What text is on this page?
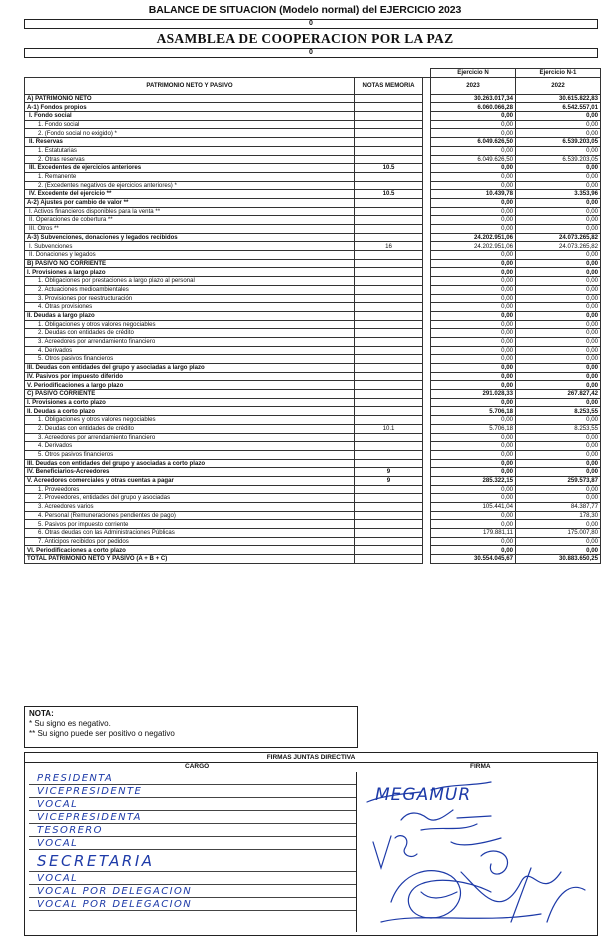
BALANCE DE SITUACION (Modelo normal) del EJERCICIO 2023
0
ASAMBLEA DE COOPERACION POR LA PAZ
0
			Ejercicio N	Ejercicio N-1
PATRIMONIO NETO Y PASIVO	NOTAS MEMORIA		2023	2022

A) PATRIMONIO NETO			30.263.017,34	30.615.822,83
A-1) Fondos propios			6.060.066,28	6.542.557,01
I. Fondo social			0,00	0,00
1. Fondo social			0,00	0,00
2. (Fondo social no exigido) *			0,00	0,00
II. Reservas			6.049.626,50	6.539.203,05
1. Estatutarias			0,00	0,00
2. Otras reservas			6.049.626,50	6.539.203,05
III. Excedentes de ejercicios anteriores	10.5		0,00	0,00
1. Remanente			0,00	0,00
2. (Excedentes negativos de ejercicios anteriores) *			0,00	0,00
IV. Excedente del ejercicio **	10.5		10.439,78	3.353,96
A-2) Ajustes por cambio de valor **			0,00	0,00
I. Activos financieros disponibles para la venta **			0,00	0,00
II. Operaciones de cobertura **			0,00	0,00
III. Otros **			0,00	0,00
A-3) Subvenciones, donaciones y legados recibidos			24.202.951,06	24.073.265,82
I. Subvenciones	16		24.202.951,06	24.073.265,82
II. Donaciones y legados			0,00	0,00
B) PASIVO NO CORRIENTE			0,00	0,00
I. Provisiones a largo plazo			0,00	0,00
1. Obligaciones por prestaciones a largo plazo al personal			0,00	0,00
2. Actuaciones medioambientales			0,00	0,00
3. Provisiones por reestructuración			0,00	0,00
4. Otras provisiones			0,00	0,00
II. Deudas a largo plazo			0,00	0,00
1. Obligaciones y otros valores negociables			0,00	0,00
2. Deudas con entidades de crédito			0,00	0,00
3. Acreedores por arrendamiento financiero			0,00	0,00
4. Derivados			0,00	0,00
5. Otros pasivos financieros			0,00	0,00
III. Deudas con entidades del grupo y asociadas a largo plazo			0,00	0,00
IV. Pasivos por impuesto diferido			0,00	0,00
V. Periodificaciones a largo plazo			0,00	0,00
C) PASIVO CORRIENTE			291.028,33	267.827,42
I. Provisiones a corto plazo			0,00	0,00
II. Deudas a corto plazo			5.706,18	8.253,55
1. Obligaciones y otros valores negociables			0,00	0,00
2. Deudas con entidades de crédito	10.1		5.706,18	8.253,55
3. Acreedores por arrendamiento financiero			0,00	0,00
4. Derivados			0,00	0,00
5. Otros pasivos financieros			0,00	0,00
III. Deudas con entidades del grupo y asociadas a corto plazo			0,00	0,00
IV. Beneficiarios-Acreedores	9		0,00	0,00
V. Acreedores comerciales y otras cuentas a pagar	9		285.322,15	259.573,87
1. Proveedores			0,00	0,00
2. Proveedores, entidades del grupo y asociadas			0,00	0,00
3. Acreedores varios			105.441,04	84.387,77
4. Personal (Remuneraciones pendientes de pago)			0,00	178,30
5. Pasivos por impuesto corriente			0,00	0,00
6. Otras deudas con las Administraciones Públicas			179.881,11	175.007,80
7. Anticipos recibidos por pedidos			0,00	0,00
VI. Periodificaciones a corto plazo			0,00	0,00
TOTAL PATRIMONIO NETO Y PASIVO (A + B + C)			30.554.045,67	30.883.650,25
NOTA:
* Su signo es negativo.
** Su signo puede ser positivo o negativo
FIRMAS JUNTAS DIRECTIVA
CARGO	FIRMA
PRESIDENTA
VICEPRESIDENTE
VOCAL
VICEPRESIDENTA
TESORERO
VOCAL
SECRETARIA
VOCAL
VOCAL POR DELEGACION
VOCAL POR DELEGACION
MEGAMUR
